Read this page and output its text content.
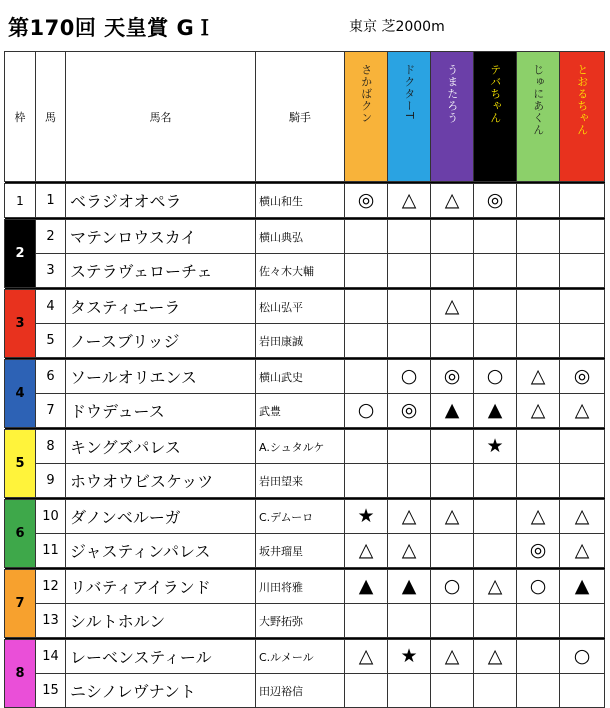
第170回 天皇賞 GＩ	東京 芝2000m
枠	馬	馬名	騎手	さかばクン	ドクターT	うまたろう	テバちゃん	じゅにあくん	とおるちゃん

1	1	ベラジオオペラ	横山和生	◎	△	△	◎		

2	2	マテンロウスカイ	横山典弘						
	3	ステラヴェローチェ	佐々木大輔						

3	4	タスティエーラ	松山弘平			△			
	5	ノースブリッジ	岩田康誠						

4	6	ソールオリエンス	横山武史		○	◎	○	△	◎
	7	ドウデュース	武豊	○	◎	▲	▲	△	△

5	8	キングズパレス	A.シュタルケ				★		
	9	ホウオウビスケッツ	岩田望来						

6	10	ダノンベルーガ	C.デムーロ	★	△	△		△	△
	11	ジャスティンパレス	坂井瑠星	△	△			◎	△

7	12	リバティアイランド	川田将雅	▲	▲	○	△	○	▲
	13	シルトホルン	大野拓弥						

8	14	レーベンスティール	C.ルメール	△	★	△	△		○
	15	ニシノレヴナント	田辺裕信						
